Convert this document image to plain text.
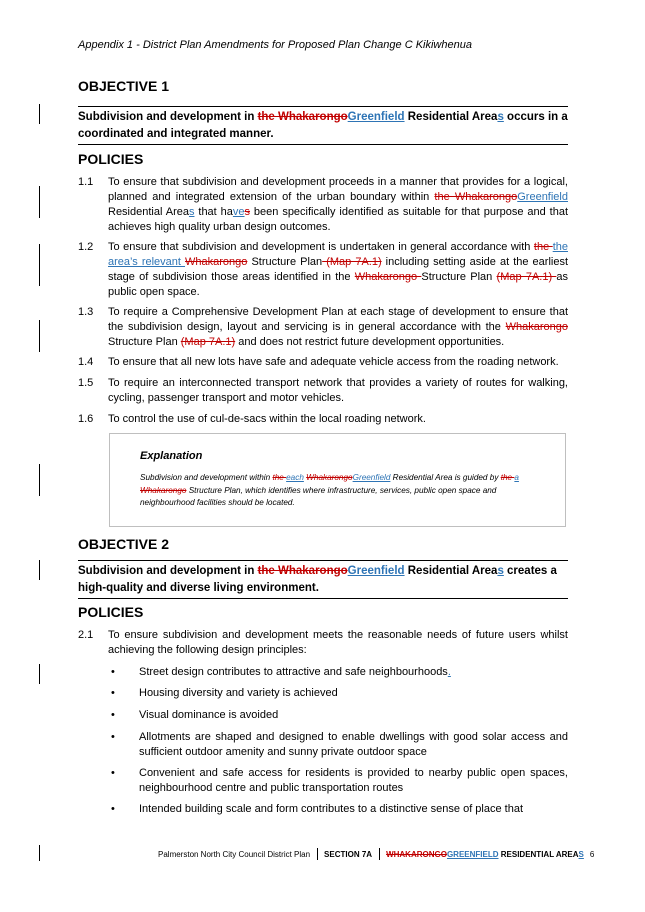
Appendix 1 - District Plan Amendments for Proposed Plan Change C Kikiwhenua
OBJECTIVE 1
Subdivision and development in the WhakarongoGreenfield Residential Areas occurs in a coordinated and integrated manner.
POLICIES
1.1 To ensure that subdivision and development proceeds in a manner that provides for a logical, planned and integrated extension of the urban boundary within the WhakarongoGreenfield Residential Areas that haves been specifically identified as suitable for that purpose and that achieves high quality urban design outcomes.
1.2 To ensure that subdivision and development is undertaken in general accordance with the the area’s relevant Whakarongo Structure Plan (Map 7A.1) including setting aside at the earliest stage of subdivision those areas identified in the Whakarongo Structure Plan (Map 7A.1) as public open space.
1.3 To require a Comprehensive Development Plan at each stage of development to ensure that the subdivision design, layout and servicing is in general accordance with the Whakarongo Structure Plan (Map 7A.1) and does not restrict future development opportunities.
1.4 To ensure that all new lots have safe and adequate vehicle access from the roading network.
1.5 To require an interconnected transport network that provides a variety of routes for walking, cycling, passenger transport and motor vehicles.
1.6 To control the use of cul-de-sacs within the local roading network.
Explanation
Subdivision and development within the each WhakarongoGreenfield Residential Area is guided by the a Whakarongo Structure Plan, which identifies where infrastructure, services, public open space and neighbourhood facilities should be located.
OBJECTIVE 2
Subdivision and development in the WhakarongoGreenfield Residential Areas creates a high-quality and diverse living environment.
POLICIES
2.1 To ensure subdivision and development meets the reasonable needs of future users whilst achieving the following design principles:
• Street design contributes to attractive and safe neighbourhoods.
• Housing diversity and variety is achieved
• Visual dominance is avoided
• Allotments are shaped and designed to enable dwellings with good solar access and sufficient outdoor amenity and sunny private outdoor space
• Convenient and safe access for residents is provided to nearby public open spaces, neighbourhood centre and public transportation routes
• Intended building scale and form contributes to a distinctive sense of place that
Palmerston North City Council District Plan SECTION 7A WHAKARONGOGREENFIELD RESIDENTIAL AREAS 6
